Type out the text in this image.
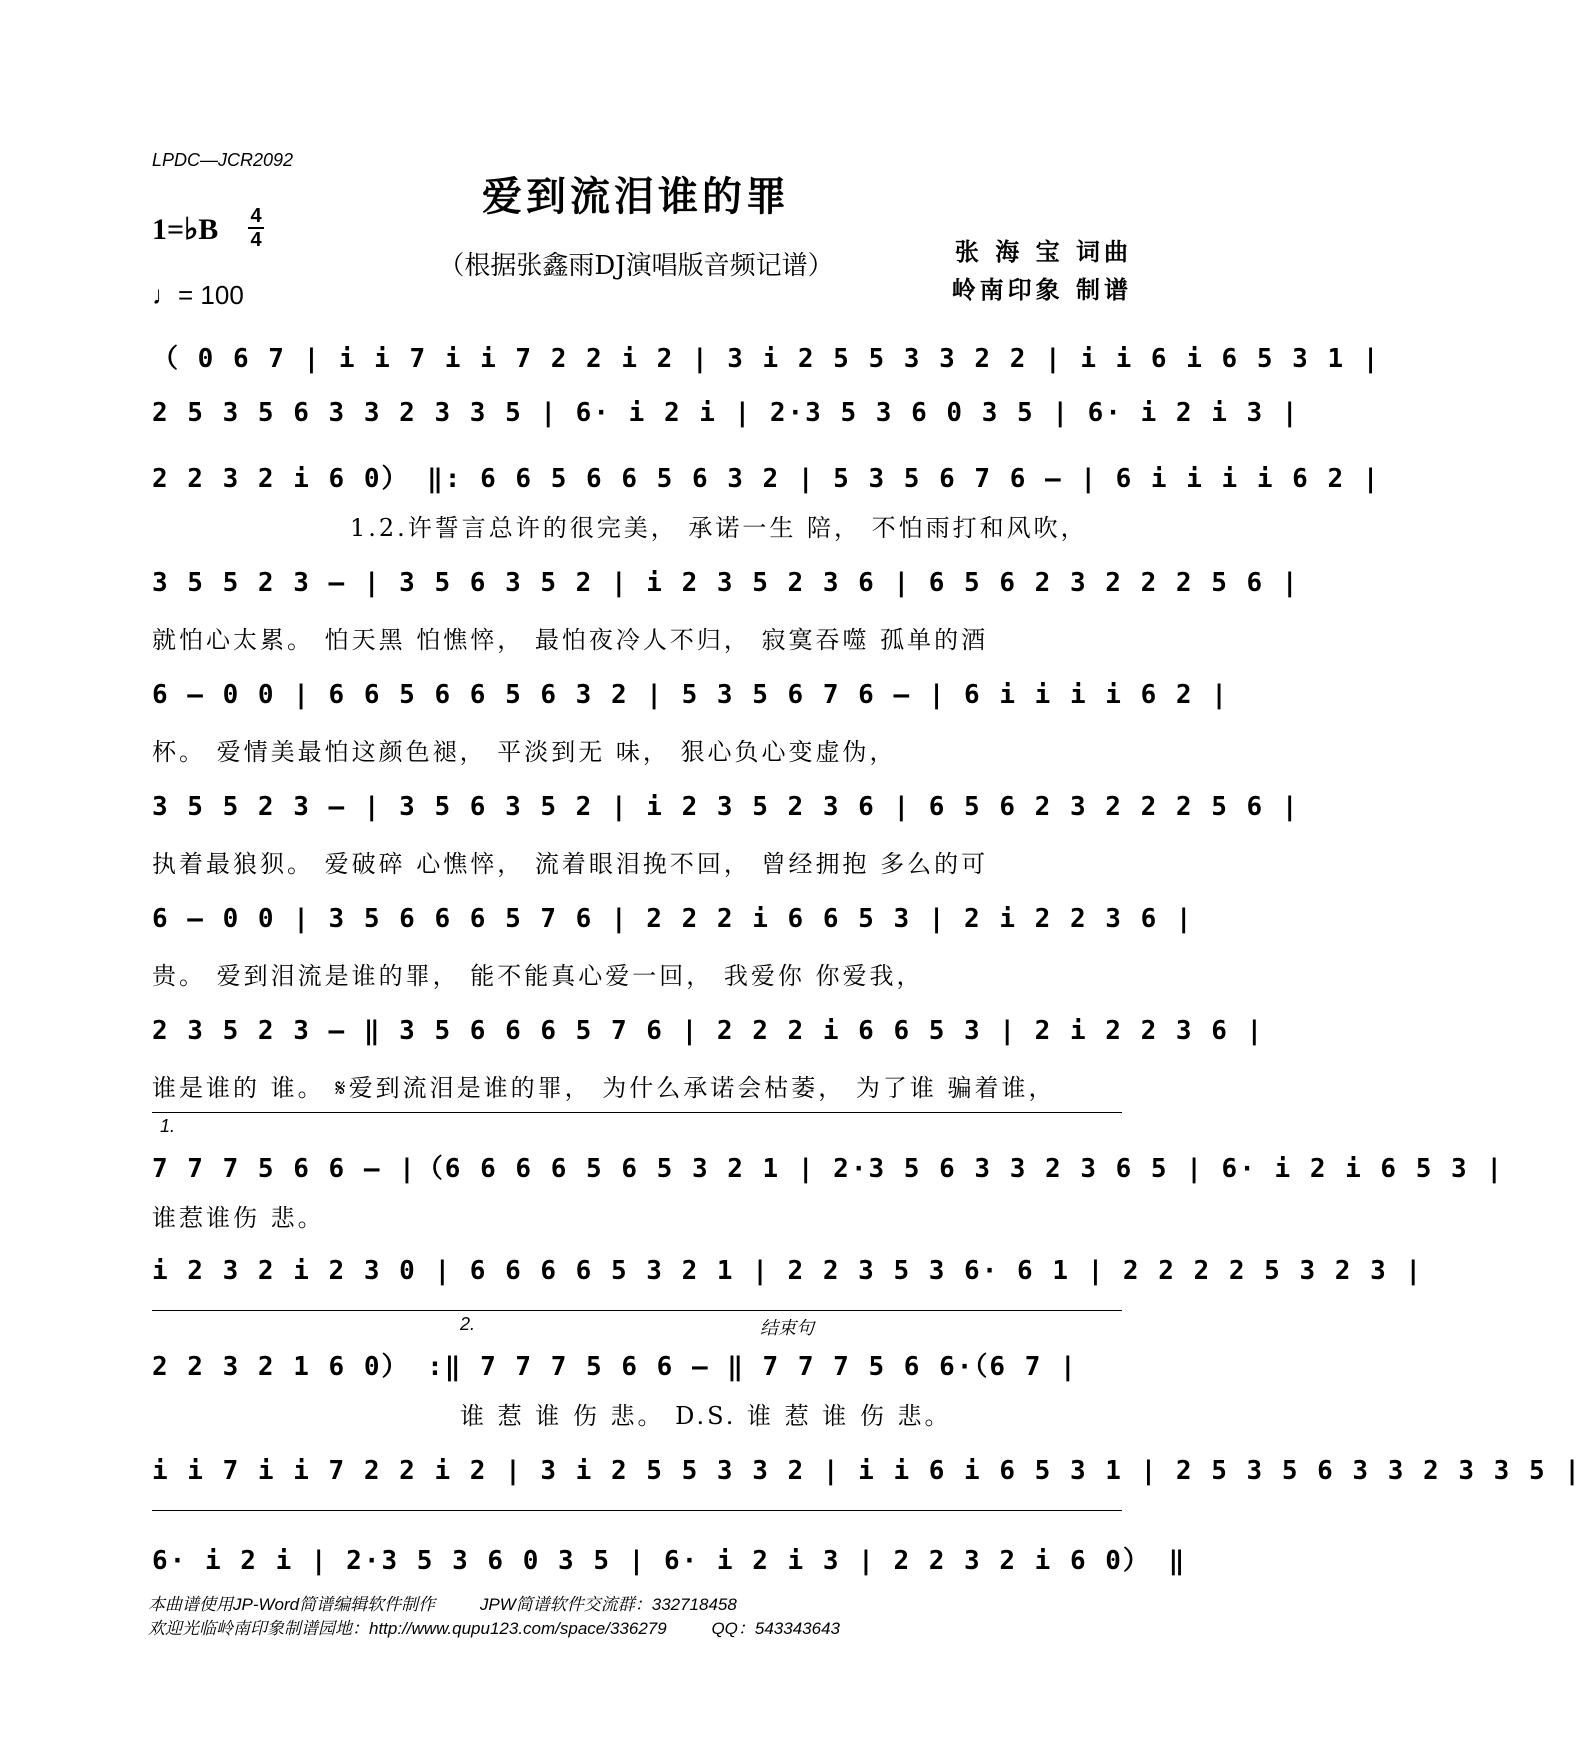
LPDC—JCR2092
爱到流泪谁的罪
（根据张鑫雨DJ演唱版音频记谱）
1=♭B 4
4
♩= 100
张 海 宝 词曲
岭南印象 制谱
（ 0 6 7 | i i 7 i i 7 2 2 i 2 | 3 i 2 5 5 3 3 2 2 | i i 6 i 6 5 3 1 |
2 5 3 5 6 3 3 2 3 3 5 | 6· i 2 i | 2·3 5 3 6 0 3 5 | 6· i 2 i 3 |
2 2 3 2 i 6 0） ‖: 6 6 5 6 6 5 6 3 2 | 5 3 5 6 7 6 – | 6 i i i i 6 2 |
1.2.许誓言总许的很完美， 承诺一生 陪， 不怕雨打和风吹，
3 5 5 2 3 – | 3 5 6 3 5 2 | i 2 3 5 2 3 6 | 6 5 6 2 3 2 2 2 5 6 |
就怕心太累。 怕天黑 怕憔悴， 最怕夜冷人不归， 寂寞吞噬 孤单的酒
6 – 0 0 | 6 6 5 6 6 5 6 3 2 | 5 3 5 6 7 6 – | 6 i i i i 6 2 |
杯。 爱情美最怕这颜色褪， 平淡到无 味， 狠心负心变虚伪，
3 5 5 2 3 – | 3 5 6 3 5 2 | i 2 3 5 2 3 6 | 6 5 6 2 3 2 2 2 5 6 |
执着最狼狈。 爱破碎 心憔悴， 流着眼泪挽不回， 曾经拥抱 多么的可
6 – 0 0 | 3 5 6 6 6 5 7 6 | 2 2 2 i 6 6 5 3 | 2 i 2 2 3 6 |
贵。 爱到泪流是谁的罪， 能不能真心爱一回， 我爱你 你爱我，
2 3 5 2 3 – ‖ 3 5 6 6 6 5 7 6 | 2 2 2 i 6 6 5 3 | 2 i 2 2 3 6 |
谁是谁的 谁。 𝄋爱到流泪是谁的罪， 为什么承诺会枯萎， 为了谁 骗着谁，
1.
7 7 7 5 6 6 – |（6 6 6 6 5 6 5 3 2 1 | 2·3 5 6 3 3 2 3 6 5 | 6· i 2 i 6 5 3 |
谁惹谁伤 悲。
i 2 3 2 i 2 3 0 | 6 6 6 6 5 3 2 1 | 2 2 3 5 3 6· 6 1 | 2 2 2 2 5 3 2 3 |
2.	结束句
2 2 3 2 1 6 0） :‖ 7 7 7 5 6 6 – ‖ 7 7 7 5 6 6·（6 7 |
谁 惹 谁 伤 悲。 D.S. 谁 惹 谁 伤 悲。
i i 7 i i 7 2 2 i 2 | 3 i 2 5 5 3 3 2 | i i 6 i 6 5 3 1 | 2 5 3 5 6 3 3 2 3 3 5 |
6· i 2 i | 2·3 5 3 6 0 3 5 | 6· i 2 i 3 | 2 2 3 2 i 6 0） ‖
本曲谱使用JP-Word简谱编辑软件制作	JPW简谱软件交流群：332718458
欢迎光临岭南印象制谱园地：http://www.qupu123.com/space/336279	QQ：543343643
